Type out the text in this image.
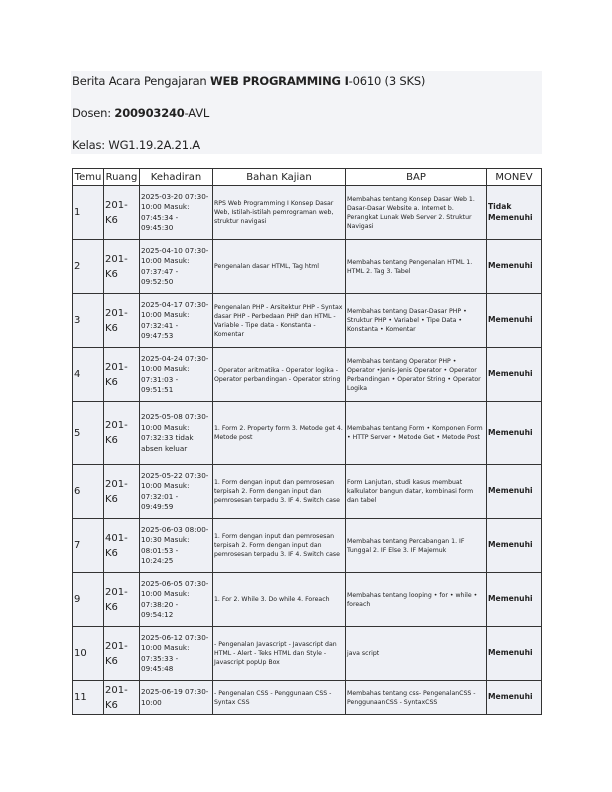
Berita Acara Pengajaran WEB PROGRAMMING I-0610 (3 SKS)
Dosen: 200903240-AVL
Kelas: WG1.19.2A.21.A
Temu	Ruang	Kehadiran	Bahan Kajian	BAP	MONEV
1	201-K6	2025-03-20 07:30-10:00 Masuk: 07:45:34 - 09:45:30	RPS Web Programming I Konsep Dasar Web, Istilah-istilah pemrograman web, struktur navigasi	Membahas tentang Konsep Dasar Web 1. Dasar-Dasar Website a. Internet b. Perangkat Lunak Web Server 2. Struktur Navigasi	Tidak Memenuhi
2	201-K6	2025-04-10 07:30-10:00 Masuk: 07:37:47 - 09:52:50	Pengenalan dasar HTML, Tag html	Membahas tentang Pengenalan HTML 1. HTML 2. Tag 3. Tabel	Memenuhi
3	201-K6	2025-04-17 07:30-10:00 Masuk: 07:32:41 - 09:47:53	Pengenalan PHP - Arsitektur PHP - Syntax dasar PHP - Perbedaan PHP dan HTML - Variable - Tipe data - Konstanta -Komentar	Membahas tentang Dasar-Dasar PHP • Struktur PHP • Variabel • Tipe Data • Konstanta • Komentar	Memenuhi
4	201-K6	2025-04-24 07:30-10:00 Masuk: 07:31:03 - 09:51:51	- Operator aritmatika - Operator logika - Operator perbandingan - Operator string	Membahas tentang Operator PHP • Operator •Jenis-Jenis Operator • Operator Perbandingan • Operator String • Operator Logika	Memenuhi
5	201-K6	2025-05-08 07:30-10:00 Masuk: 07:32:33 tidak absen keluar	1. Form 2. Property form 3. Metode get 4. Metode post	Membahas tentang Form • Komponen Form • HTTP Server • Metode Get • Metode Post	Memenuhi
6	201-K6	2025-05-22 07:30-10:00 Masuk: 07:32:01 - 09:49:59	1. Form dengan input dan pemrosesan terpisah 2. Form dengan input dan pemrosesan terpadu 3. IF 4. Switch case	Form Lanjutan, studi kasus membuat kalkulator bangun datar, kombinasi form dan tabel	Memenuhi
7	401-K6	2025-06-03 08:00-10:30 Masuk: 08:01:53 - 10:24:25	1. Form dengan input dan pemrosesan terpisah 2. Form dengan input dan pemrosesan terpadu 3. IF 4. Switch case	Membahas tentang Percabangan 1. IF Tunggal 2. IF Else 3. IF Majemuk	Memenuhi
9	201-K6	2025-06-05 07:30-10:00 Masuk: 07:38:20 - 09:54:12	1. For 2. While 3. Do while 4. Foreach	Membahas tentang looping • for • while • foreach	Memenuhi
10	201-K6	2025-06-12 07:30-10:00 Masuk: 07:35:33 - 09:45:48	- Pengenalan Javascript - Javascript dan HTML - Alert - Teks HTML dan Style - Javascript popUp Box	java script	Memenuhi
11	201-K6	2025-06-19 07:30-10:00	- Pengenalan CSS - Penggunaan CSS - Syntax CSS	Membahas tentang css- PengenalanCSS - PenggunaanCSS - SyntaxCSS	Memenuhi
